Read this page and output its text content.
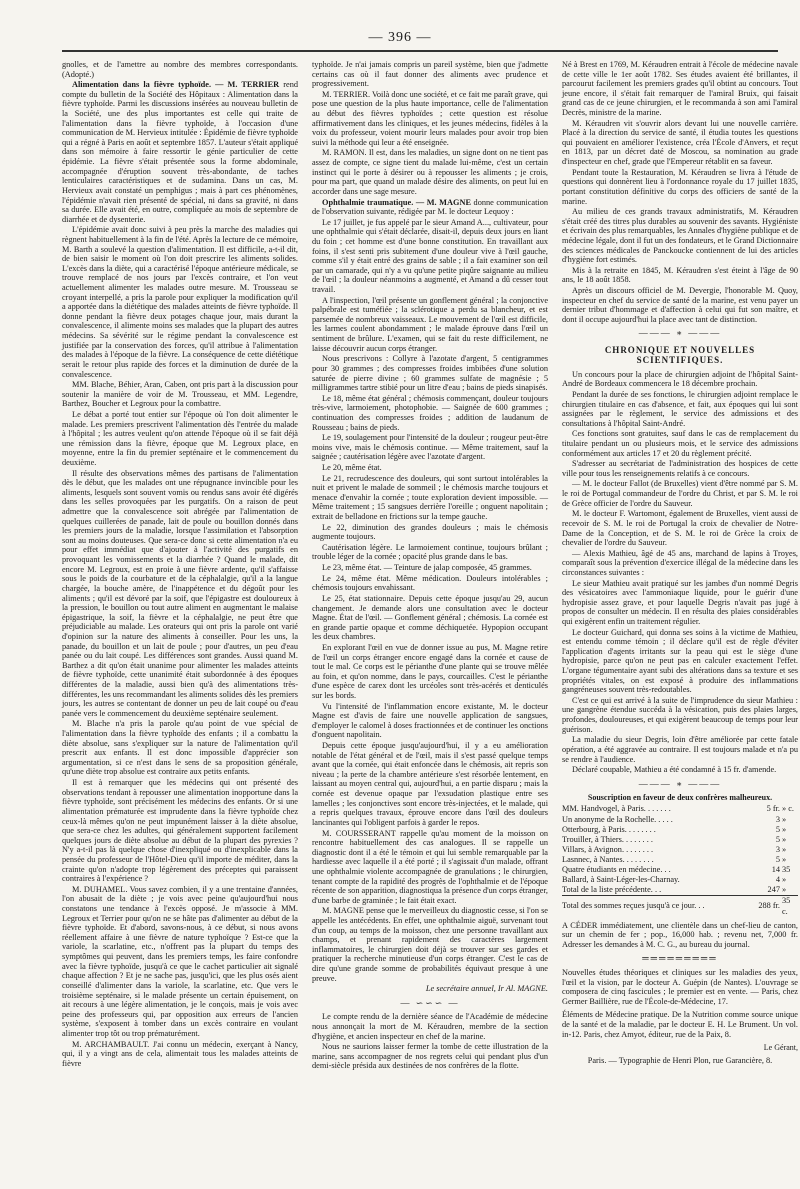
— 396 —

gnolles, et de l'amettre au nombre des membres correspondants. (Adopté.)

Alimentation dans la fièvre typhoïde. — M. TERRIER rend compte du bulletin de la Société des Hôpitaux : Alimentation dans la fièvre typhoïde. Parmi les discussions insérées au nouveau bulletin de la Société, une des plus importantes est celle qui traite de l'alimentation dans la fièvre typhoïde, à l'occasion d'une communication de M. Hervieux intitulée : Épidémie de fièvre typhoïde qui a régné à Paris en août et septembre 1857. L'auteur s'était appliqué dans son mémoire à faire ressortir le génie particulier de cette épidémie. La fièvre s'était présentée sous la forme abdominale, accompagnée d'éruption souvent très-abondante, de taches lenticulaires caractéristiques et de sudamina. Dans un cas, M. Hervieux avait constaté un pemphigus ; mais à part ces phénomènes, l'épidémie n'avait rien présenté de spécial, ni dans sa gravité, ni dans sa durée. Elle avait été, en outre, compliquée au mois de septembre de diarrhée et de dysenterie.

L'épidémie avait donc suivi à peu près la marche des maladies qui règnent habituellement à la fin de l'été. Après la lecture de ce mémoire, M. Barth a soulevé la question d'alimentation. Il est difficile, a-t-il dit, de bien saisir le moment où l'on doit prescrire les aliments solides. L'excès dans la diète, qui a caractérisé l'époque antérieure médicale, se trouve remplacé de nos jours par l'excès contraire, et l'on veut actuellement alimenter les malades outre mesure. M. Trousseau se croyant interpellé, a pris la parole pour expliquer la modification qu'il a apportée dans la diététique des malades atteints de fièvre typhoïde. Il donne pendant la fièvre deux potages chaque jour, mais durant la convalescence, il alimente moins ses malades que la plupart des autres médecins. Sa sévérité sur le régime pendant la convalescence est justifiée par la conservation des forces, qu'il attribue à l'alimentation des malades à l'époque de la fièvre. La conséquence de cette diététique serait le retour plus rapide des forces et la diminution de durée de la convalescence.

MM. Blache, Béhier, Aran, Caben, ont pris part à la discussion pour soutenir la manière de voir de M. Trousseau, et MM. Legendre, Barthez, Boucher et Legroux pour la combattre.

Le débat a porté tout entier sur l'époque où l'on doit alimenter le malade. Les premiers prescrivent l'alimentation dès l'entrée du malade à l'hôpital ; les autres veulent qu'on attende l'époque où il se fait déjà une rémission dans la fièvre, époque que M. Legroux place, en moyenne, entre la fin du premier septénaire et le commencement du deuxième.

Il résulte des observations mêmes des partisans de l'alimentation dès le début, que les malades ont une répugnance invincible pour les aliments, lesquels sont souvent vomis ou rendus sans avoir été digérés dans les selles provoquées par les purgatifs. On a raison de peut admettre que la convalescence soit abrégée par l'alimentation de quelques cuillerées de panade, lait de poule ou bouillon donnés dans les premiers jours de la maladie, lorsque l'assimilation et l'absorption sont au moins douteuses. Que sera-ce donc si cette alimentation n'a eu pour effet immédiat que d'ajouter à l'activité des purgatifs en provoquant les vomissements et la diarrhée ? Quand le malade, dit encore M. Legroux, est en proie à une fièvre ardente, qu'il s'affaisse sous le poids de la courbature et de la céphalalgie, qu'il a la langue chargée, la bouche amère, de l'inappétence et du dégoût pour les aliments ; qu'il est dévoré par la soif, que l'épigastre est douloureux à la pression, le bouillon ou tout autre aliment en augmentant le malaise épigastrique, la soif, la fièvre et la céphalalgie, ne peut être que préjudiciable au malade. Les orateurs qui ont pris la parole ont varié d'opinion sur la nature des aliments à conseiller. Pour les uns, la panade, du bouillon et un lait de poule ; pour d'autres, un peu d'eau panée ou du lait coupé. Les différences sont grandes. Aussi quand M. Barthez a dit qu'on était unanime pour alimenter les malades atteints de fièvre typhoïde, cette unanimité était subordonnée à des époques différentes de la maladie, aussi bien qu'à des alimentations très-différentes, les uns recommandant les aliments solides dès les premiers jours, les autres se contentant de donner un peu de lait coupé ou d'eau panée vers le commencement du deuxième septénaire seulement.

M. Blache n'a pris la parole qu'au point de vue spécial de l'alimentation dans la fièvre typhoïde des enfants ; il a combattu la diète absolue, sans s'expliquer sur la nature de l'alimentation qu'il prescrit aux enfants. Il est donc impossible d'apprécier son argumentation, si ce n'est dans le sens de sa proposition générale, qu'une diète trop absolue est contraire aux petits enfants.

Il est à remarquer que les médecins qui ont présenté des observations tendant à repousser une alimentation inopportune dans la fièvre typhoïde, sont précisément les médecins des enfants. Or si une alimentation prématurée est imprudente dans la fièvre typhoïde chez ceux-là mêmes qu'on ne peut impunément laisser à la diète absolue, que sera-ce chez les adultes, qui généralement supportent facilement quelques jours de diète absolue au début de la plupart des pyrexies ? N'y a-t-il pas là quelque chose d'inexpliqué ou d'inexplicable dans la pensée du professeur de l'Hôtel-Dieu qu'il importe de méditer, dans la crainte qu'on n'adopte trop légèrement des préceptes qui paraissent contraires à l'expérience ?

M. DUHAMEL. Vous savez combien, il y a une trentaine d'années, l'on abusait de la diète ; je vois avec peine qu'aujourd'hui nous constatons une tendance à l'excès opposé. Je m'associe à MM. Legroux et Terrier pour qu'on ne se hâte pas d'alimenter au début de la fièvre typhoïde. Et d'abord, savons-nous, à ce début, si nous avons réellement affaire à une fièvre de nature typhoïque ? Est-ce que la variole, la scarlatine, etc., n'offrent pas la plupart du temps des symptômes qui peuvent, dans les premiers temps, les faire confondre avec la fièvre typhoïde, jusqu'à ce que le cachet particulier ait signalé chaque affection ? Et je ne sache pas, jusqu'ici, que les plus osés aient conseillé d'alimenter dans la variole, la scarlatine, etc. Que vers le troisième septénaire, si le malade présente un certain épuisement, on ait recours à une légère alimentation, je le conçois, mais je vois avec peine des professeurs qui, par opposition aux erreurs de l'ancien système, s'exposent à tomber dans un excès contraire en voulant alimenter trop tôt ou trop prématurément.

M. ARCHAMBAULT. J'ai connu un médecin, exerçant à Nancy, qui, il y a vingt ans de cela, alimentait tous les malades atteints de fièvre

typhoïde. Je n'ai jamais compris un pareil système, bien que j'admette certains cas où il faut donner des aliments avec prudence et progressivement.

M. TERRIER. Voilà donc une société, et ce fait me paraît grave, qui pose une question de la plus haute importance, celle de l'alimentation au début des fièvres typhoïdes ; cette question est résolue affirmativement dans les cliniques, et les jeunes médecins, fidèles à la voix du professeur, voient mourir leurs malades pour avoir trop bien suivi la méthode qui leur a été enseignée.

M. RAMON. Il est, dans les maladies, un signe dont on ne tient pas assez de compte, ce signe tient du malade lui-même, c'est un certain instinct qui le porte à désirer ou à repousser les aliments ; je crois, pour ma part, que quand un malade désire des aliments, on peut lui en accorder dans une sage mesure.

Ophthalmie traumatique. — M. MAGNE donne communication de l'observation suivante, rédigée par M. le docteur Lequoy :

Le 17 juillet, je fus appelé par le sieur Amand A..., cultivateur, pour une ophthalmie qui s'était déclarée, disait-il, depuis deux jours en liant du foin ; cet homme est d'une bonne constitution. En travaillant aux foins, il s'est senti pris subitement d'une douleur vive à l'œil gauche, comme s'il y était entré des grains de sable ; il a fait examiner son œil par un camarade, qui n'y a vu qu'une petite piqûre saignante au milieu de l'œil ; la douleur néanmoins a augmenté, et Amand a dû cesser tout travail.

A l'inspection, l'œil présente un gonflement général ; la conjonctive palpébrale est tuméfiée ; la sclérotique a perdu sa blancheur, et est parsemée de nombreux vaisseaux. Le mouvement de l'œil est difficile, les larmes coulent abondamment ; le malade éprouve dans l'œil un sentiment de brûlure. L'examen, qui se fait du reste difficilement, ne laisse découvrir aucun corps étranger.

Nous prescrivons : Collyre à l'azotate d'argent, 5 centigrammes pour 30 grammes ; des compresses froides imbibées d'une solution saturée de pierre divine ; 60 grammes sulfate de magnésie ; 5 milligrammes tartre stibié pour un litre d'eau ; bains de pieds sinapisés.

Le 18, même état général ; chémosis commençant, douleur toujours très-vive, larmoiement, photophobie. — Saignée de 600 grammes ; continuation des compresses froides ; addition de laudanum de Rousseau ; bains de pieds.

Le 19, soulagement pour l'intensité de la douleur ; rougeur peut-être moins vive, mais le chémosis continue. — Même traitement, sauf la saignée ; cautérisation légère avec l'azotate d'argent.

Le 20, même état.

Le 21, recrudescence des douleurs, qui sont surtout intolérables la nuit et privent le malade de sommeil ; le chémosis marche toujours et menace d'envahir la cornée ; toute exploration devient impossible. — Même traitement ; 15 sangsues derrière l'oreille ; onguent napolitain ; extrait de belladone en frictions sur la tempe gauche.

Le 22, diminution des grandes douleurs ; mais le chémosis augmente toujours.

Cautérisation légère. Le larmoiement continue, toujours brûlant ; trouble léger de la cornée ; opacité plus grande dans le bas.

Le 23, même état. — Teinture de jalap composée, 45 grammes.

Le 24, même état. Même médication. Douleurs intolérables ; chémosis toujours envahissant.

Le 25, état stationnaire. Depuis cette époque jusqu'au 29, aucun changement. Je demande alors une consultation avec le docteur Magne. État de l'œil. — Gonflement général ; chémosis. La cornée est en grande partie opaque et comme déchiquetée. Hypopion occupant les deux chambres.

En explorant l'œil en vue de donner issue au pus, M. Magne retire de l'œil un corps étranger encore engagé dans la cornée et cause de tout le mal. Ce corps est le périanthe d'une plante qui se trouve mêlée au foin, et qu'on nomme, dans le pays, courcailles. C'est le périanthe d'une espèce de carex dont les urcéoles sont très-acérés et denticulés sur les bords.

Vu l'intensité de l'inflammation encore existante, M. le docteur Magne est d'avis de faire une nouvelle application de sangsues, d'employer le calomel à doses fractionnées et de continuer les onctions d'onguent napolitain.

Depuis cette époque jusqu'aujourd'hui, il y a eu amélioration notable de l'état général et de l'œil, mais il s'est passé quelque temps avant que la cornée, qui était enfoncée dans le chémosis, ait repris son niveau ; la perte de la chambre antérieure s'est résorbée lentement, en laissant au moyen central qui, aujourd'hui, a en partie disparu ; mais la cornée est devenue opaque par l'exsudation plastique entre ses lamelles ; les conjonctives sont encore très-injectées, et le malade, qui a repris quelques travaux, éprouve encore dans l'œil des douleurs lancinantes qui l'obligent parfois à garder le repos.

M. COURSSERANT rappelle qu'au moment de la moisson on rencontre habituellement des cas analogues. Il se rappelle un diagnostic dont il a été le témoin et qui lui semble remarquable par la hardiesse avec laquelle il a été porté ; il s'agissait d'un malade, offrant une ophthalmie violente accompagnée de granulations ; le chirurgien, tenant compte de la rapidité des progrès de l'ophthalmie et de l'époque récente de son apparition, diagnostiqua la présence d'un corps étranger, d'une barbe de graminée ; le fait était exact.

M. MAGNE pense que le merveilleux du diagnostic cesse, si l'on se appelle les antécédents. En effet, une ophthalmie aiguë, survenant tout d'un coup, au temps de la moisson, chez une personne travaillant aux champs, et prenant rapidement des caractères largement inflammatoires, le chirurgien doit déjà se trouver sur ses gardes et pratiquer la recherche minutieuse d'un corps étranger. C'est le cas de dire qu'une grande somme de probabilités équivaut presque à une preuve.

Le secrétaire annuel, Ir Al. MAGNE.
— ∽∽∽ —

Le compte rendu de la dernière séance de l'Académie de médecine nous annonçait la mort de M. Kéraudren, membre de la section d'hygiène, et ancien inspecteur en chef de la marine.

Nous ne saurions laisser fermer la tombe de cette illustration de la marine, sans accompagner de nos regrets celui qui pendant plus d'un demi-siècle présida aux destinées de nos confrères de la flotte.

Né à Brest en 1769, M. Kéraudren entrait à l'école de médecine navale de cette ville le 1er août 1782. Ses études avaient été brillantes, il parcourut facilement les premiers grades qu'il obtint au concours. Tout jeune encore, il s'était fait remarquer de l'amiral Bruix, qui faisait grand cas de ce jeune chirurgien, et le recommanda à son ami l'amiral Decrès, ministre de la marine.

M. Kéraudren vit s'ouvrir alors devant lui une nouvelle carrière. Placé à la direction du service de santé, il étudia toutes les questions qui pouvaient en améliorer l'existence, créa l'École d'Anvers, et reçut en 1813, par un décret daté de Moscou, sa nomination au grade d'inspecteur en chef, grade que l'Empereur rétablit en sa faveur.

Pendant toute la Restauration, M. Kéraudren se livra à l'étude de questions qui donnèrent lieu à l'ordonnance royale du 17 juillet 1835, portant constitution définitive du corps des officiers de santé de la marine.

Au milieu de ces grands travaux administratifs, M. Kéraudren s'était créé des titres plus durables au souvenir des savants. Hygiéniste et écrivain des plus remarquables, les Annales d'hygiène publique et de médecine légale, dont il fut un des fondateurs, et le Grand Dictionnaire des sciences médicales de Panckoucke contiennent de lui des articles d'hygiène fort estimés.

Mis à la retraite en 1845, M. Kéraudren s'est éteint à l'âge de 90 ans, le 18 août 1858.

Après un discours officiel de M. Devergie, l'honorable M. Quoy, inspecteur en chef du service de santé de la marine, est venu payer un dernier tribut d'hommage et d'affection à celui qui fut son maître, et dont il occupe aujourd'hui la place avec tant de distinction.

——— ∗ ———
CHRONIQUE ET NOUVELLES SCIENTIFIQUES.

Un concours pour la place de chirurgien adjoint de l'hôpital Saint-André de Bordeaux commencera le 18 décembre prochain.

Pendant la durée de ses fonctions, le chirurgien adjoint remplace le chirurgien titulaire en cas d'absence, et fait, aux époques qui lui sont assignées par le règlement, le service des admissions et des consultations à l'hôpital Saint-André.

Ces fonctions sont gratuites, sauf dans le cas de remplacement du titulaire pendant un ou plusieurs mois, et le service des admissions conformément aux articles 17 et 20 du règlement précité.

S'adresser au secrétariat de l'administration des hospices de cette ville pour tous les renseignements relatifs à ce concours.

— M. le docteur Fallot (de Bruxelles) vient d'être nommé par S. M. le roi de Portugal commandeur de l'ordre du Christ, et par S. M. le roi de Grèce officier de l'ordre du Sauveur.

M. le docteur F. Wartomont, également de Bruxelles, vient aussi de recevoir de S. M. le roi de Portugal la croix de chevalier de Notre-Dame de la Conception, et de S. M. le roi de Grèce la croix de chevalier de l'ordre du Sauveur.

— Alexis Mathieu, âgé de 45 ans, marchand de lapins à Troyes, comparaît sous la prévention d'exercice illégal de la médecine dans les circonstances suivantes :

Le sieur Mathieu avait pratiqué sur les jambes d'un nommé Degris des vésicatoires avec l'ammoniaque liquide, pour le guérir d'une hydropisie assez grave, et pour laquelle Degris n'avait pas jugé à propos de consulter un médecin. Il en résulta des plaies considérables qui exigèrent enfin un traitement régulier.

Le docteur Guichard, qui donna ses soins à la victime de Mathieu, est entendu comme témoin ; il déclare qu'il est de règle d'éviter l'application d'agents irritants sur la peau qui est le siège d'une hydropisie, parce qu'on ne peut pas en calculer exactement l'effet. L'organe tégumentaire ayant subi des altérations dans sa texture et ses propriétés vitales, on est exposé à produire des inflammations gangréneuses souvent très-redoutables.

C'est ce qui est arrivé à la suite de l'imprudence du sieur Mathieu : une gangrène étendue succéda à la vésication, puis des plaies larges, profondes, douloureuses, et qui exigèrent beaucoup de temps pour leur guérison.

La maladie du sieur Degris, loin d'être améliorée par cette fatale opération, a été aggravée au contraire. Il est toujours malade et n'a pu se rendre à l'audience.

Déclaré coupable, Mathieu a été condamné à 15 fr. d'amende.

——— ∗ ———
Souscription en faveur de deux confrères malheureux.
MM. Handvogel, à Paris. . . . . . .	5 fr.	» c.
Un anonyme de la Rochelle. . . . .	3	»
Otterbourg, à Paris. . . . . . . .	5	»
Trouiller, à Thiers. . . . . . . .	5	»
Villars, à Avignon. . . . . . . .	3	»
Lasnnec, à Nantes. . . . . . . .	5	»
Quatre étudiants en médecine. . .	14	35
Ballard, à Saint-Léger-les-Charnay.	4	»
Total de la liste précédente. . .	247	»
Total des sommes reçues jusqu'à ce jour. . .	288 fr.	35 c.
A CÉDER immédiatement, une clientèle dans un chef-lieu de canton, sur un chemin de fer ; pop., 16,000 hab. ; revenu net, 7,000 fr. Adresser les demandes à M. C. G., au bureau du journal.
═════════
Nouvelles études théoriques et cliniques sur les maladies des yeux, l'œil et la vision, par le docteur A. Guépin (de Nantes). L'ouvrage se composera de cinq fascicules ; le premier est en vente. — Paris, chez Germer Baillière, rue de l'École-de-Médecine, 17.
Éléments de Médecine pratique. De la Nutrition comme source unique de la santé et de la maladie, par le docteur E. H. Le Brument. Un vol. in-12. Paris, chez Amyot, éditeur, rue de la Paix, 8.
Le Gérant,
Paris. — Typographie de Henri Plon, rue Garancière, 8.
